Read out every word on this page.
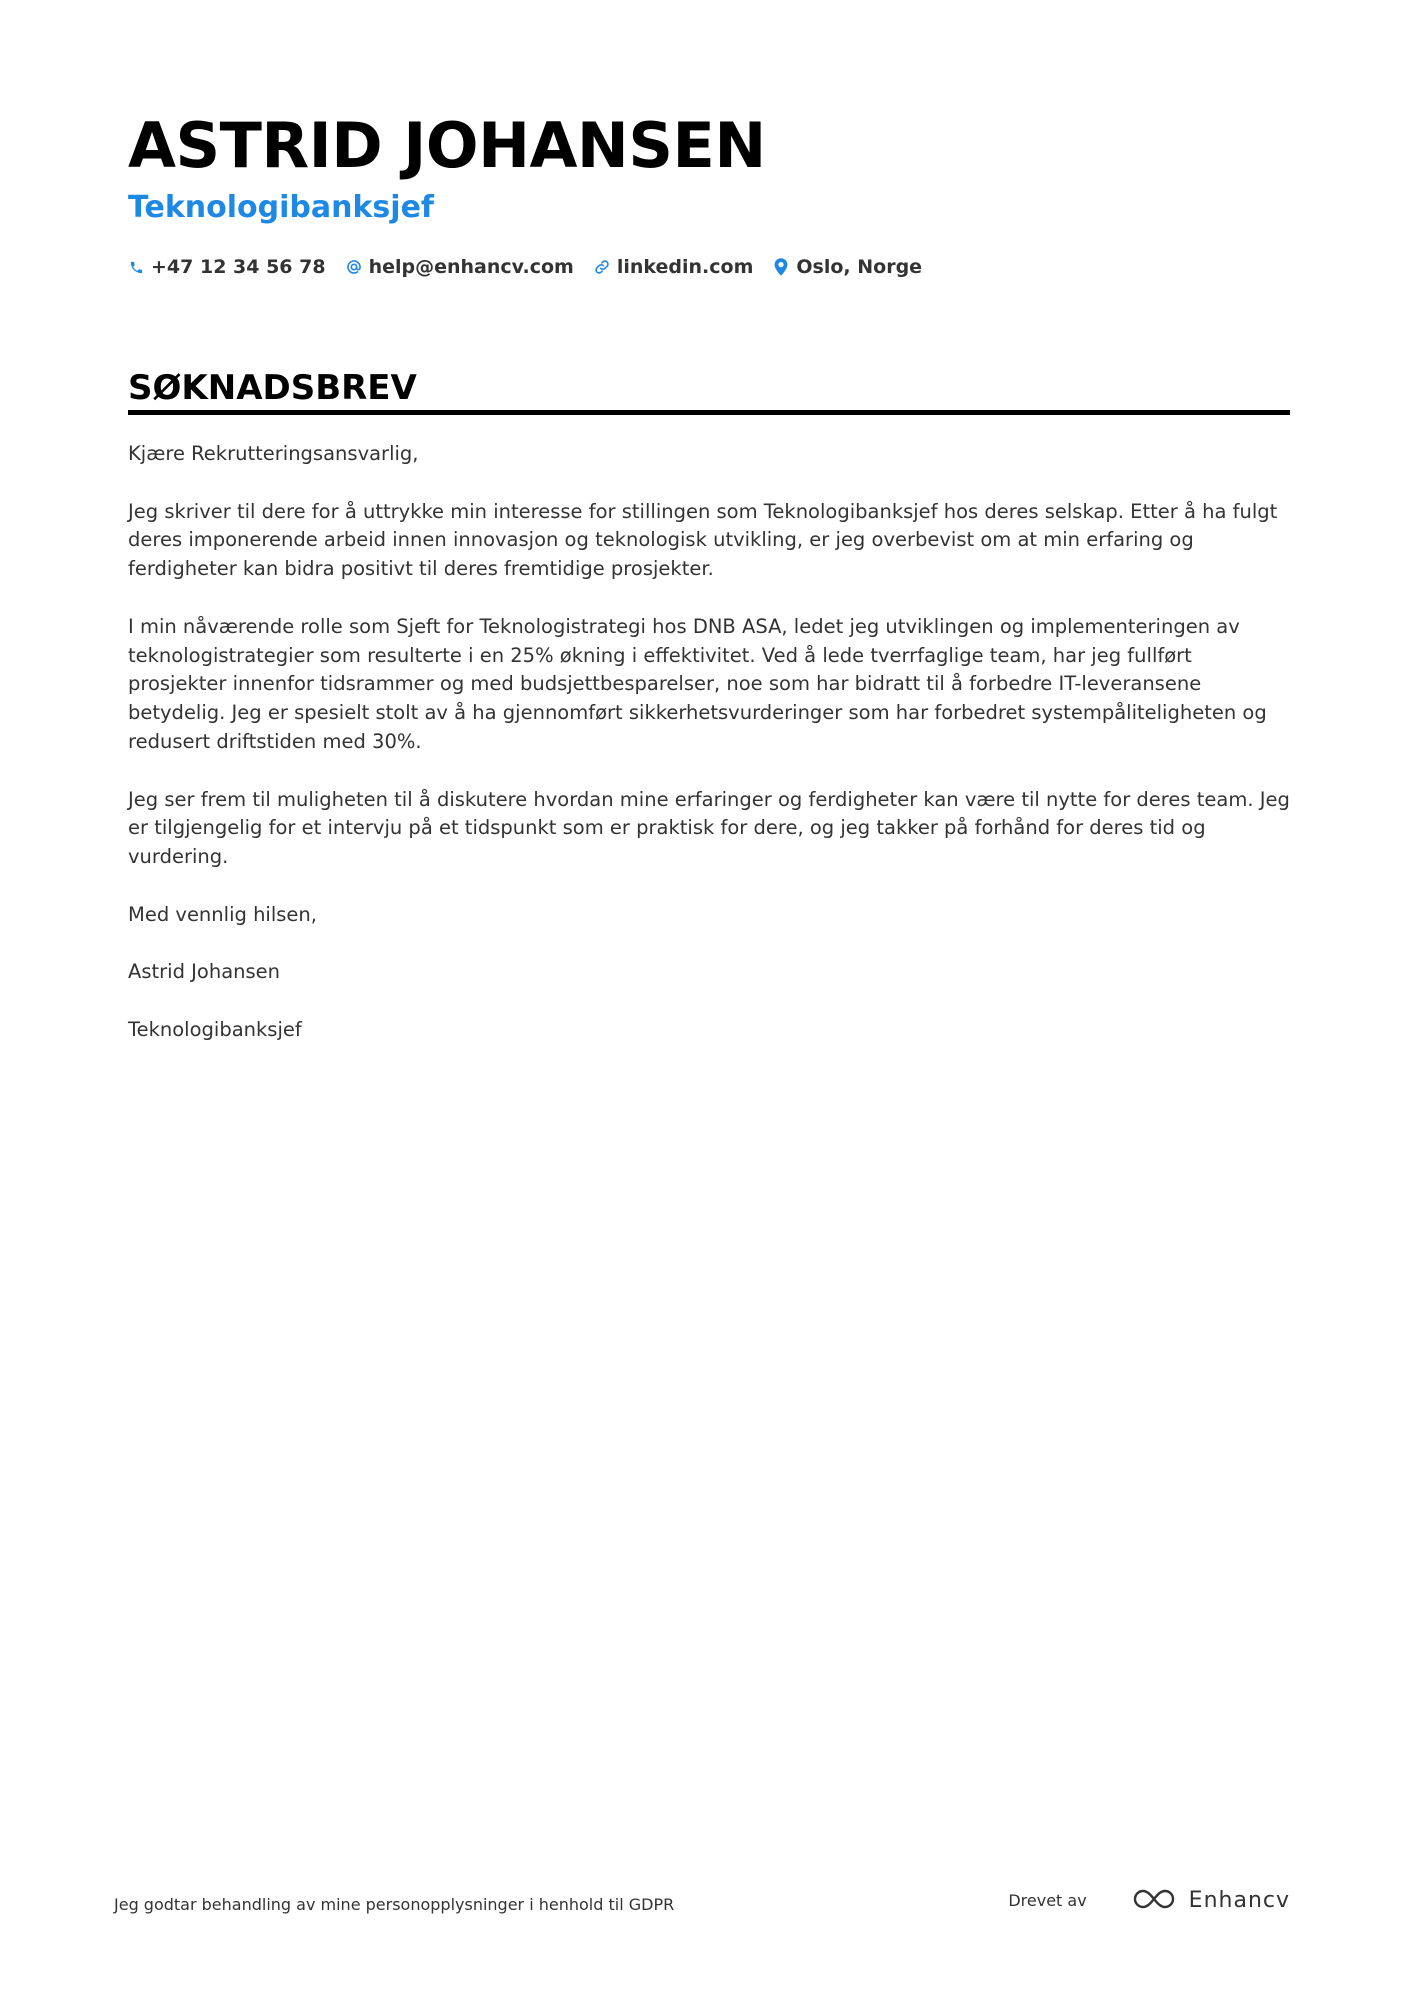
ASTRID JOHANSEN
Teknologibanksjef
+47 12 34 56 78 help@enhancv.com linkedin.com Oslo, Norge
SØKNADSBREV

Kjære Rekrutteringsansvarlig,

Jeg skriver til dere for å uttrykke min interesse for stillingen som Teknologibanksjef hos deres selskap. Etter å ha fulgt deres imponerende arbeid innen innovasjon og teknologisk utvikling, er jeg overbevist om at min erfaring og ferdigheter kan bidra positivt til deres fremtidige prosjekter.

I min nåværende rolle som Sjeft for Teknologistrategi hos DNB ASA, ledet jeg utviklingen og implementeringen av teknologistrategier som resulterte i en 25% økning i effektivitet. Ved å lede tverrfaglige team, har jeg fullført prosjekter innenfor tidsrammer og med budsjettbesparelser, noe som har bidratt til å forbedre IT-leveransene betydelig. Jeg er spesielt stolt av å ha gjennomført sikkerhetsvurderinger som har forbedret systempåliteligheten og redusert driftstiden med 30%.

Jeg ser frem til muligheten til å diskutere hvordan mine erfaringer og ferdigheter kan være til nytte for deres team. Jeg er tilgjengelig for et intervju på et tidspunkt som er praktisk for dere, og jeg takker på forhånd for deres tid og vurdering.

Med vennlig hilsen,

Astrid Johansen

Teknologibanksjef

Jeg godtar behandling av mine personopplysninger i henhold til GDPR	Drevet av	Enhancv
